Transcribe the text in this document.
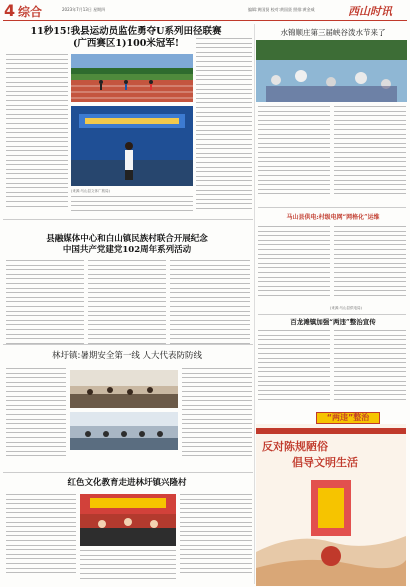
4 综合	2023年7月13日 星期四	编辑:黄国贤 校对:黄国贤 照排:黄金威	西山时讯
11秒15!我县运动员监佐勇夺U系列田径联赛
(广西赛区1)100米冠军!
(来源:马山县文体广旅局)
水锦顺庄第三届峡谷泼水节来了
县融媒体中心和白山镇民族村联合开展纪念
中国共产党建党102周年系列活动
马山县供电:村级电网“网格化”运维
(来源:马山县供电局)
百龙滩镇加强“两违”整治宣传
“两违”整治
反对陈规陋俗
倡导文明生活
林圩镇:暑期安全第一线 人大代表防防线
红色文化教育走进林圩镇兴隆村
